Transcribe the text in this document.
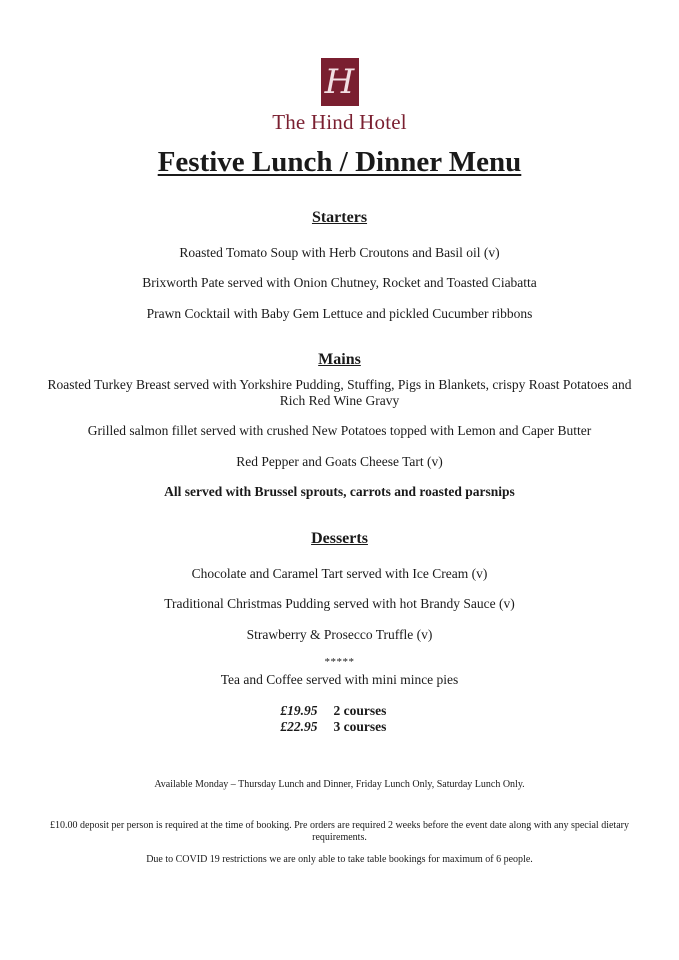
H
The Hind Hotel
Festive Lunch / Dinner Menu
Starters

Roasted Tomato Soup with Herb Croutons and Basil oil (v)

Brixworth Pate served with Onion Chutney, Rocket and Toasted Ciabatta

Prawn Cocktail with Baby Gem Lettuce and pickled Cucumber ribbons

Mains

Roasted Turkey Breast served with Yorkshire Pudding, Stuffing, Pigs in Blankets, crispy Roast Potatoes and Rich Red Wine Gravy

Grilled salmon fillet served with crushed New Potatoes topped with Lemon and Caper Butter

Red Pepper and Goats Cheese Tart (v)

All served with Brussel sprouts, carrots and roasted parsnips

Desserts

Chocolate and Caramel Tart served with Ice Cream (v)

Traditional Christmas Pudding served with hot Brandy Sauce (v)

Strawberry & Prosecco Truffle (v)

*****

Tea and Coffee served with mini mince pies

£19.95 2 courses
£22.95 3 courses

Available Monday – Thursday Lunch and Dinner, Friday Lunch Only, Saturday Lunch Only.

£10.00 deposit per person is required at the time of booking. Pre orders are required 2 weeks before the event date along with any special dietary requirements.

Due to COVID 19 restrictions we are only able to take table bookings for maximum of 6 people.
